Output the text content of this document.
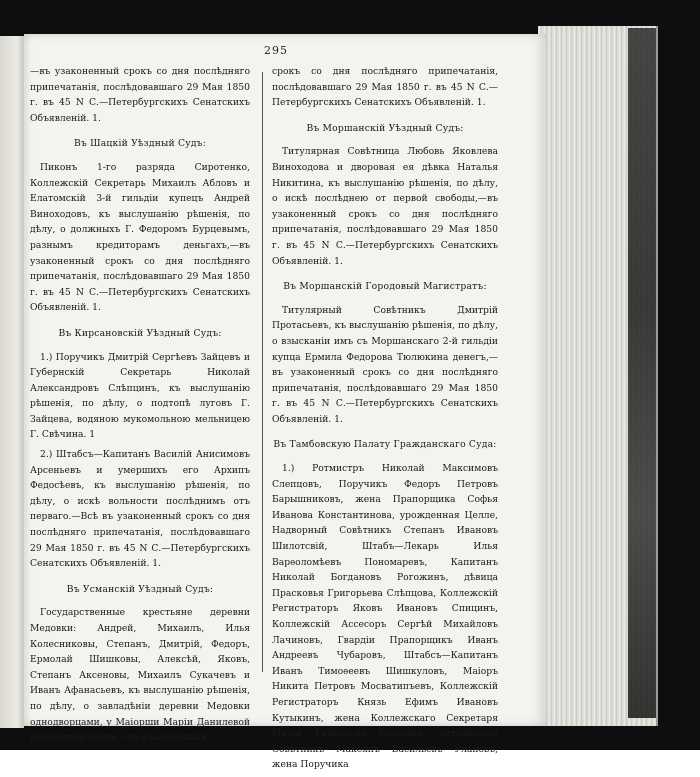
295

—въ узаконенный срокъ со дня послѣдняго припечатанія, послѣдовавшаго 29 Мая 1850 г. въ 45 N С.—Петербургскихъ Сенатскихъ Объявленій. 1.

Въ Шацкій Уѣздный Судъ:

Пиконъ 1-го разряда Сиротенко, Коллежскій Секретарь Михаилъ Абловъ и Елатомскій 3-й гильдіи купецъ Андрей Виноходовъ, къ выслушанію рѣшенія, по дѣлу, о должныхъ Г. Федоромъ Бурцевымъ, разнымъ кредиторамъ деньгахъ,—въ узаконенный срокъ со дня послѣдняго припечатанія, послѣдовавшаго 29 Мая 1850 г. въ 45 N С.—Петербургскихъ Сенатскихъ Объявленій. 1.

Въ Кирсановскій Уѣздный Судъ:

1.) Поручикъ Дмитрій Сергѣевъ Зайцевъ и Губернскій Секретарь Николай Александровъ Слѣпцинъ, къ выслушанію рѣшенія, по дѣлу, о подтопѣ луговъ Г. Зайцева, водяною мукомольною мельницею Г. Свѣчина. 1

2.) Штабсъ—Капитанъ Василій Анисимовъ Арсеньевъ и умершихъ его Архипъ Федосѣевъ, къ выслушанію рѣшенія, по дѣлу, о искѣ вольности послѣднимъ отъ перваго.—Всѣ въ узаконенный срокъ со дня послѣдняго припечатанія, послѣдовавшаго 29 Мая 1850 г. въ 45 N С.—Петербургскихъ Сенатскихъ Объявленій. 1.

Въ Усманскій Уѣздный Судъ:

Государственные крестьяне деревни Медовки: Андрей, Михаилъ, Илья Колесниковы, Степанъ, Дмитрій, Федоръ, Ермолай Шишковы, Алексѣй, Яковъ, Степанъ Аксеновы, Михаилъ Сукачевъ и Иванъ Афанасьевъ, къ выслушанію рѣшенія, по дѣлу, о завладѣніи деревни Медовки однодворцами, у Маіорши Маріи Данилевой Калениной земли,—въ узаконенный

срокъ со дня послѣдняго припечатанія, послѣдовавшаго 29 Мая 1850 г. въ 45 N С.—Петербургскихъ Сенатскихъ Объявленій. 1.

Въ Моршанскій Уѣздный Судъ:

Титулярная Совѣтница Любовь Яковлева Виноходова и дворовая ея дѣвка Наталья Никитина, къ выслушанію рѣшенія, по дѣлу, о искѣ послѣднею от первой свободы,—въ узаконенный срокъ со дня послѣдняго припечатанія, послѣдовавшаго 29 Мая 1850 г. въ 45 N С.—Петербургскихъ Сенатскихъ Объявленій. 1.

Въ Моршанскій Городовый Магистратъ:

Титулярный Совѣтникъ Дмитрій Протасьевъ, къ выслушанію рѣшенія, по дѣлу, о взысканіи имъ съ Моршанскаго 2-й гильдіи купца Ермила Федорова Тюлюкина денегъ,—въ узаконенный срокъ со дня послѣдняго припечатанія, послѣдовавшаго 29 Мая 1850 г. въ 45 N С.—Петербургскихъ Сенатскихъ Объявленій. 1.

Въ Тамбовскую Палату Гражданскаго Суда:

1.) Ротмистръ Николай Максимовъ Слепцовъ, Поручикъ Федоръ Петровъ Барышниковъ, жена Прапорщика Софья Иванова Константинова, урожденная Целле, Надворный Совѣтникъ Степанъ Ивановъ Шилотсвій, Штабъ—Лекарь Илья Варѳоломѣевъ Пономаревъ, Капитанъ Николай Богдановъ Рогожинъ, дѣвица Прасковья Григорьева Слѣпцова, Коллежскій Регистраторъ Яковъ Ивановъ Спицинъ, Коллежскій Ассесоръ Сергѣй Михайловъ Лачиновъ, Гвардіи Прапорщикъ Иванъ Андреевъ Чубаровъ, Штабсъ—Капитанъ Иванъ Тимоѳеевъ Шишкуловъ, Маіоръ Никита Петровъ Мосватипъевъ, Коллежскій Регистраторъ Князь Ефимъ Ивановъ Кутыкинъ, жена Коллежскаго Секретаря Марія Тимоѳеева Спицина, Титулярный Совѣтникъ Макеянъ Васильевъ Улановъ, жена Поручика
